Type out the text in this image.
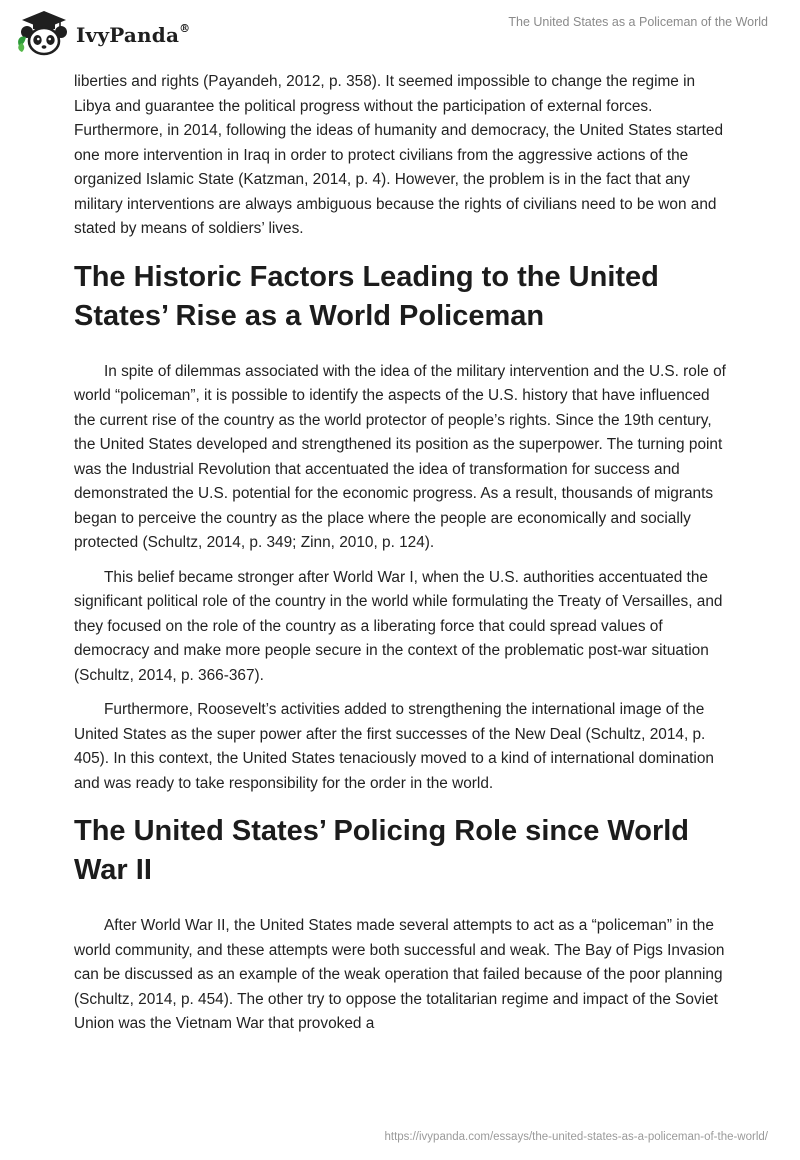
IvyPanda®	The United States as a Policeman of the World

liberties and rights (Payandeh, 2012, p. 358). It seemed impossible to change the regime in Libya and guarantee the political progress without the participation of external forces. Furthermore, in 2014, following the ideas of humanity and democracy, the United States started one more intervention in Iraq in order to protect civilians from the aggressive actions of the organized Islamic State (Katzman, 2014, p. 4). However, the problem is in the fact that any military interventions are always ambiguous because the rights of civilians need to be won and stated by means of soldiers’ lives.

The Historic Factors Leading to the United States’ Rise as a World Policeman

In spite of dilemmas associated with the idea of the military intervention and the U.S. role of world “policeman”, it is possible to identify the aspects of the U.S. history that have influenced the current rise of the country as the world protector of people’s rights. Since the 19th century, the United States developed and strengthened its position as the superpower. The turning point was the Industrial Revolution that accentuated the idea of transformation for success and demonstrated the U.S. potential for the economic progress. As a result, thousands of migrants began to perceive the country as the place where the people are economically and socially protected (Schultz, 2014, p. 349; Zinn, 2010, p. 124).

This belief became stronger after World War I, when the U.S. authorities accentuated the significant political role of the country in the world while formulating the Treaty of Versailles, and they focused on the role of the country as a liberating force that could spread values of democracy and make more people secure in the context of the problematic post-war situation (Schultz, 2014, p. 366-367).

Furthermore, Roosevelt’s activities added to strengthening the international image of the United States as the super power after the first successes of the New Deal (Schultz, 2014, p. 405). In this context, the United States tenaciously moved to a kind of international domination and was ready to take responsibility for the order in the world.

The United States’ Policing Role since World War II

After World War II, the United States made several attempts to act as a “policeman” in the world community, and these attempts were both successful and weak. The Bay of Pigs Invasion can be discussed as an example of the weak operation that failed because of the poor planning (Schultz, 2014, p. 454). The other try to oppose the totalitarian regime and impact of the Soviet Union was the Vietnam War that provoked a

https://ivypanda.com/essays/the-united-states-as-a-policeman-of-the-world/
